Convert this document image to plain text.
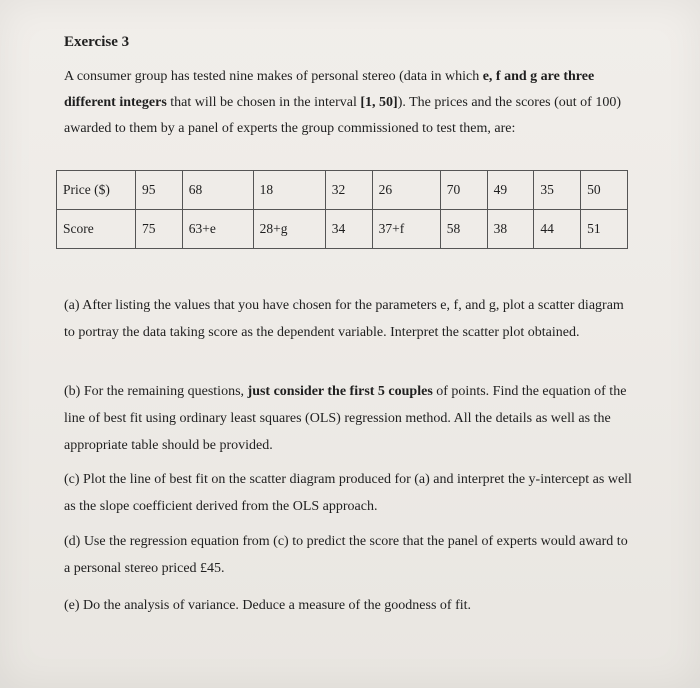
Exercise 3
A consumer group has tested nine makes of personal stereo (data in which e, f and g are three different integers that will be chosen in the interval [1, 50]). The prices and the scores (out of 100) awarded to them by a panel of experts the group commissioned to test them, are:
Price ($)	95	68	18	32	26	70	49	35	50
Score	75	63+e	28+g	34	37+f	58	38	44	51
(a) After listing the values that you have chosen for the parameters e, f, and g, plot a scatter diagram to portray the data taking score as the dependent variable. Interpret the scatter plot obtained.
(b) For the remaining questions, just consider the first 5 couples of points. Find the equation of the line of best fit using ordinary least squares (OLS) regression method. All the details as well as the appropriate table should be provided.
(c) Plot the line of best fit on the scatter diagram produced for (a) and interpret the y-intercept as well as the slope coefficient derived from the OLS approach.
(d) Use the regression equation from (c) to predict the score that the panel of experts would award to a personal stereo priced £45.
(e) Do the analysis of variance. Deduce a measure of the goodness of fit.
